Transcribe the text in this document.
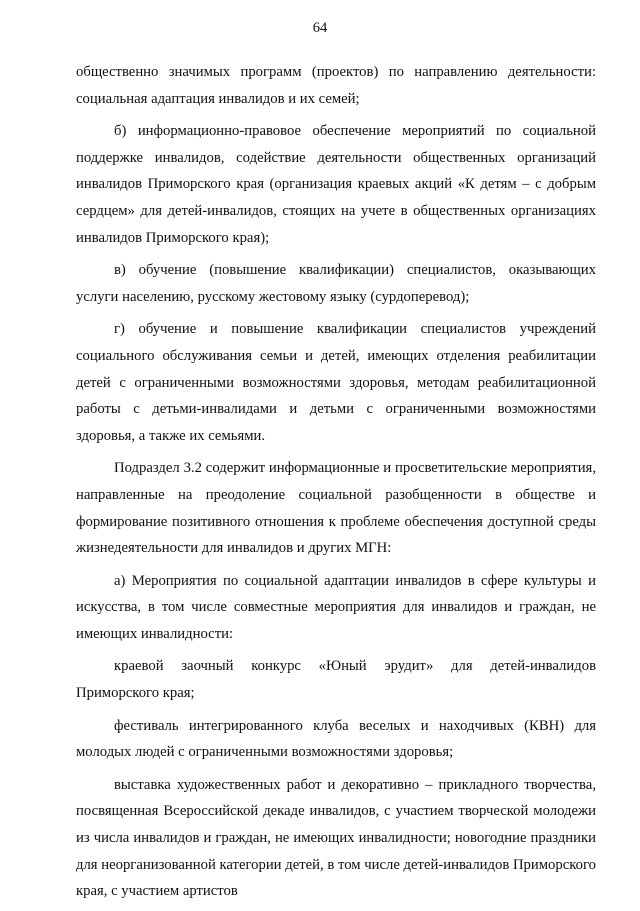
64

общественно значимых программ (проектов) по направлению деятельности: социальная адаптация инвалидов и их семей;

б) информационно-правовое обеспечение мероприятий по социальной поддержке инвалидов, содействие деятельности общественных организаций инвалидов Приморского края (организация краевых акций «К детям – с добрым сердцем» для детей-инвалидов, стоящих на учете в общественных организациях инвалидов Приморского края);

в) обучение (повышение квалификации) специалистов, оказывающих услуги населению, русскому жестовому языку (сурдоперевод);

г) обучение и повышение квалификации специалистов учреждений социального обслуживания семьи и детей, имеющих отделения реабилитации детей с ограниченными возможностями здоровья, методам реабилитационной работы с детьми-инвалидами и детьми с ограниченными возможностями здоровья, а также их семьями.

Подраздел 3.2 содержит информационные и просветительские мероприятия, направленные на преодоление социальной разобщенности в обществе и формирование позитивного отношения к проблеме обеспечения доступной среды жизнедеятельности для инвалидов и других МГН:

а) Мероприятия по социальной адаптации инвалидов в сфере культуры и искусства, в том числе совместные мероприятия для инвалидов и граждан, не имеющих инвалидности:

краевой заочный конкурс «Юный эрудит» для детей-инвалидов Приморского края;

фестиваль интегрированного клуба веселых и находчивых (КВН) для молодых людей с ограниченными возможностями здоровья;

выставка художественных работ и декоративно – прикладного творчества, посвященная Всероссийской декаде инвалидов, с участием творческой молодежи из числа инвалидов и граждан, не имеющих инвалидности; новогодние праздники для неорганизованной категории детей, в том числе детей-инвалидов Приморского края, с участием артистов
